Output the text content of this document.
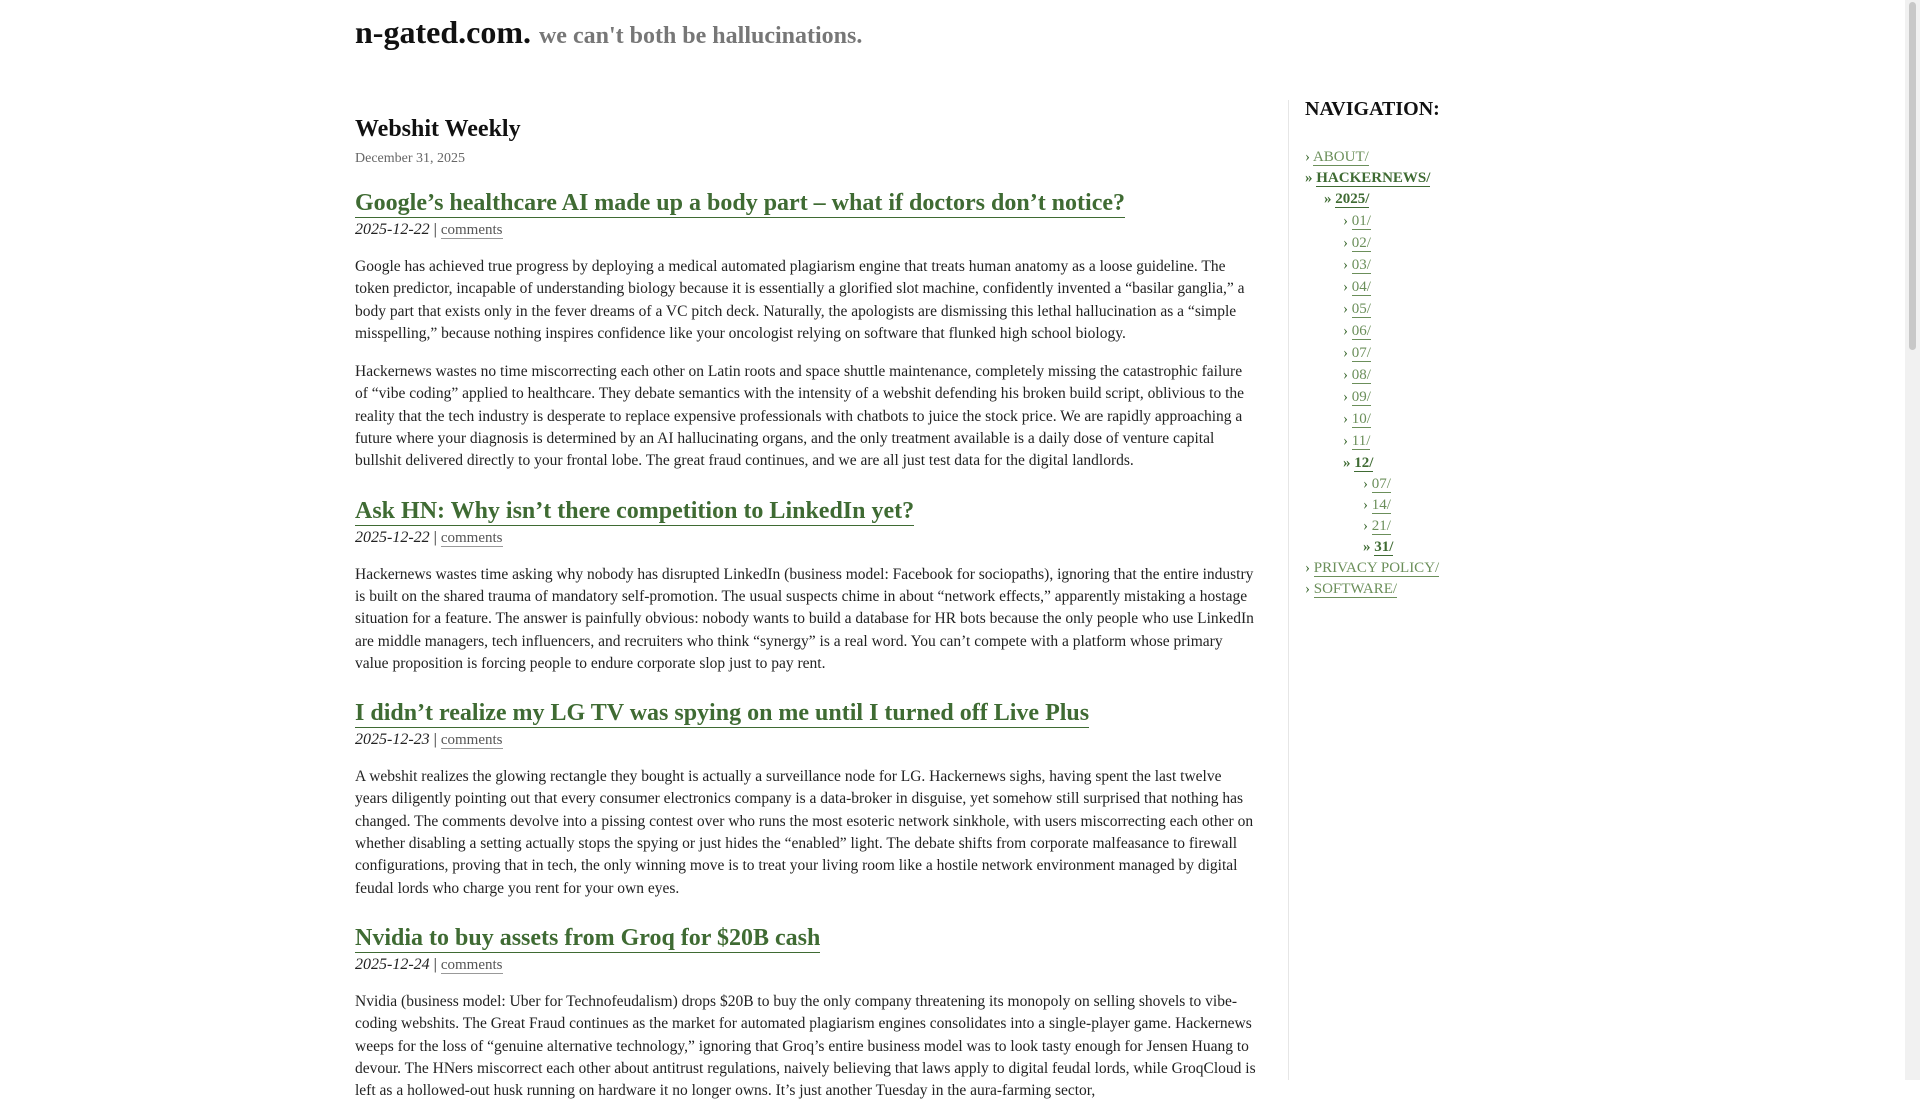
n-gated.com. we can't both be hallucinations.
Webshit Weekly
December 31, 2025
Google’s healthcare AI made up a body part – what if doctors don’t notice?
2025-12-22 | comments

Google has achieved true progress by deploying a medical automated plagiarism engine that treats human anatomy as a loose guideline. The token predictor, incapable of understanding biology because it is essentially a glorified slot machine, confidently invented a “basilar ganglia,” a body part that exists only in the fever dreams of a VC pitch deck. Naturally, the apologists are dismissing this lethal hallucination as a “simple misspelling,” because nothing inspires confidence like your oncologist relying on software that flunked high school biology.

Hackernews wastes no time miscorrecting each other on Latin roots and space shuttle maintenance, completely missing the catastrophic failure of “vibe coding” applied to healthcare. They debate semantics with the intensity of a webshit defending his broken build script, oblivious to the reality that the tech industry is desperate to replace expensive professionals with chatbots to juice the stock price. We are rapidly approaching a future where your diagnosis is determined by an AI hallucinating organs, and the only treatment available is a daily dose of venture capital bullshit delivered directly to your frontal lobe. The great fraud continues, and we are all just test data for the digital landlords.

Ask HN: Why isn’t there competition to LinkedIn yet?
2025-12-22 | comments

Hackernews wastes time asking why nobody has disrupted LinkedIn (business model: Facebook for sociopaths), ignoring that the entire industry is built on the shared trauma of mandatory self-promotion. The usual suspects chime in about “network effects,” apparently mistaking a hostage situation for a feature. The answer is painfully obvious: nobody wants to build a database for HR bots because the only people who use LinkedIn are middle managers, tech influencers, and recruiters who think “synergy” is a real word. You can’t compete with a platform whose primary value proposition is forcing people to endure corporate slop just to pay rent.

I didn’t realize my LG TV was spying on me until I turned off Live Plus
2025-12-23 | comments

A webshit realizes the glowing rectangle they bought is actually a surveillance node for LG. Hackernews sighs, having spent the last twelve years diligently pointing out that every consumer electronics company is a data-broker in disguise, yet somehow still surprised that nothing has changed. The comments devolve into a pissing contest over who runs the most esoteric network sinkhole, with users miscorrecting each other on whether disabling a setting actually stops the spying or just hides the “enabled” light. The debate shifts from corporate malfeasance to firewall configurations, proving that in tech, the only winning move is to treat your living room like a hostile network environment managed by digital feudal lords who charge you rent for your own eyes.

Nvidia to buy assets from Groq for $20B cash
2025-12-24 | comments

Nvidia (business model: Uber for Technofeudalism) drops $20B to buy the only company threatening its monopoly on selling shovels to vibe-coding webshits. The Great Fraud continues as the market for automated plagiarism engines consolidates into a single-player game. Hackernews weeps for the loss of “genuine alternative technology,” ignoring that Groq’s entire business model was to look tasty enough for Jensen Huang to devour. The HNers miscorrect each other about antitrust regulations, naively believing that laws apply to digital feudal lords, while GroqCloud is left as a hollowed-out husk running on hardware it no longer owns. It’s just another Tuesday in the aura-farming sector,

NAVIGATION:
› ABOUT/
» HACKERNEWS/
» 2025/
› 01/
› 02/
› 03/
› 04/
› 05/
› 06/
› 07/
› 08/
› 09/
› 10/
› 11/
» 12/
› 07/
› 14/
› 21/
» 31/
› PRIVACY POLICY/
› SOFTWARE/
